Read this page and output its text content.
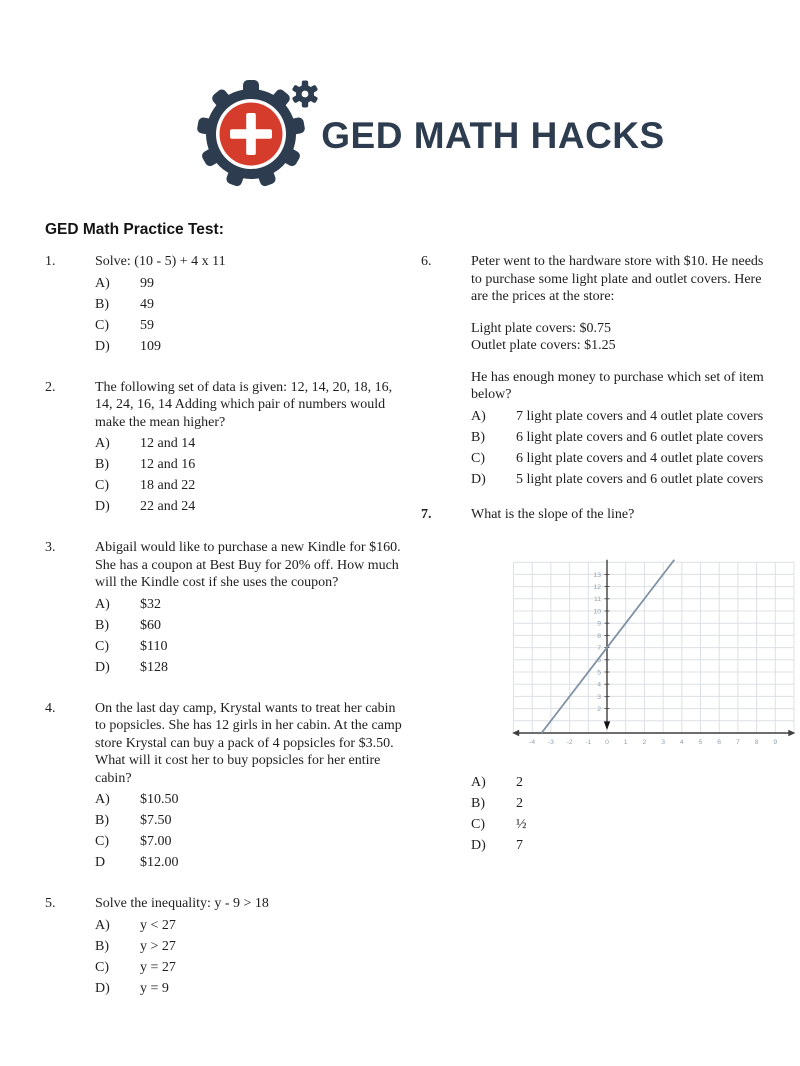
GED MATH HACKS
GED Math Practice Test:
1.	Solve: (10 - 5) + 4 x 11
A)	99
B)	49
C)	59
D)	109
2.	The following set of data is given: 12, 14, 20, 18, 16, 14, 24, 16, 14 Adding which pair of numbers would make the mean higher?
A)	12 and 14
B)	12 and 16
C)	18 and 22
D)	22 and 24
3.	Abigail would like to purchase a new Kindle for $160. She has a coupon at Best Buy for 20% off. How much will the Kindle cost if she uses the coupon?
A)	$32
B)	$60
C)	$110
D)	$128
4.	On the last day camp, Krystal wants to treat her cabin to popsicles. She has 12 girls in her cabin. At the camp store Krystal can buy a pack of 4 popsicles for $3.50. What will it cost her to buy popsicles for her entire cabin?
A)	$10.50
B)	$7.50
C)	$7.00
D	$12.00
5.	Solve the inequality: y - 9 > 18
A)	y < 27
B)	y > 27
C)	y = 27
D)	y = 9
6.	Peter went to the hardware store with $10. He needs to purchase some light plate and outlet covers. Here are the prices at the store:
Light plate covers: $0.75
Outlet plate covers: $1.25
He has enough money to purchase which set of item below?
A)	7 light plate covers and 4 outlet plate covers
B)	6 light plate covers and 6 outlet plate covers
C)	6 light plate covers and 4 outlet plate covers
D)	5 light plate covers and 6 outlet plate covers
7.	What is the slope of the line?
-4 -3 -2 -1 0 1 2 3 4 5 6 7 8 9
2
3
4
5
6
7
8
9
10
11
12
13
A)	2
B)	2
C)	½
D)	7
